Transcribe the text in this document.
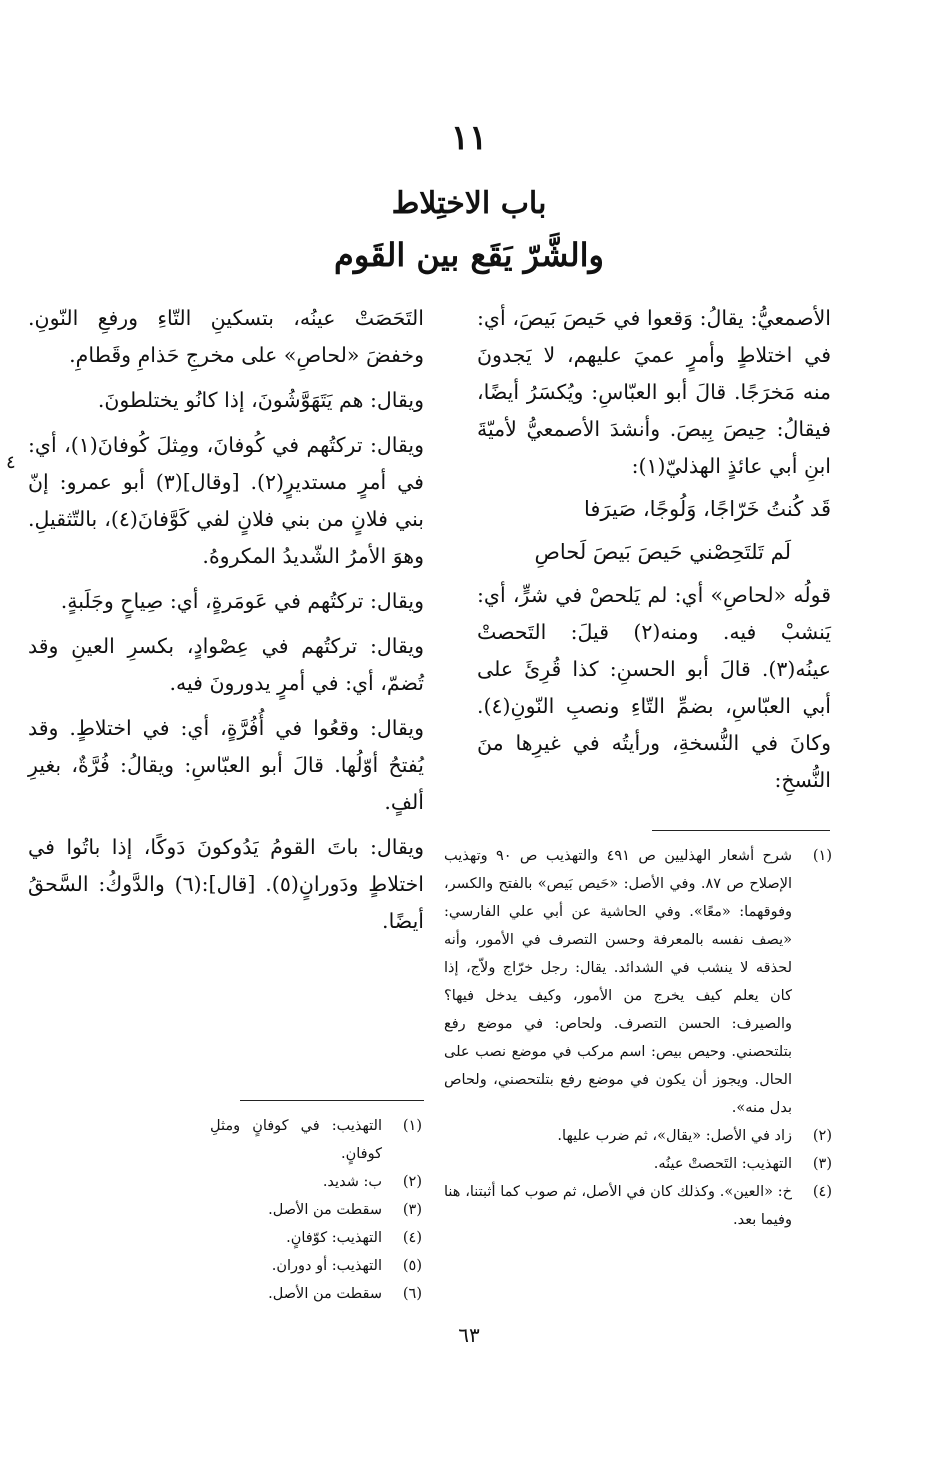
١١
باب الاختِلاط
والشَّرّ يَقَع بين القَوم

الأصمعيُّ: يقالُ: وَقعوا في حَيصَ بَيصَ، أي: في اختلاطٍ وأمرٍ عميَ عليهم، لا يَجدونَ منه مَخرَجًا. قالَ أبو العبّاسِ: ويُكسَرُ أيضًا، فيقالُ: حِيصَ بِيصَ. وأنشدَ الأصمعيُّ لأميّةَ ابنِ أبي عائذٍ الهذليّ(١):

قَد كُنتُ خَرّاجًا، وَلُوجًا، صَيرَفا

لَم تَلتَحِصْني حَيصَ بَيصَ لَحاصِ

قولُه «لحاصِ» أي: لم يَلحصْ في شرٍّ، أي: يَنشبْ فيه. ومنه(٢) قيلَ: التَحصتْ عينُه(٣). قالَ أبو الحسنِ: كذا قُرِئَ على أبي العبّاسِ، بضمِّ التّاءِ ونصبِ النّونِ(٤). وكانَ في النُّسخةِ، ورأيتُه في غيرِها منَ النُّسخِ:

التَحَصَتْ عينُه، بتسكينِ التّاءِ ورفعِ النّونِ. وخفضَ «لحاصِ» على مخرجِ حَذامِ وقَطامِ.

ويقال: هم يَتَهَوَّشُونَ، إذا كانُو يختلطونَ.

ويقال: تركتُهم في كُوفانَ، ومِثلَ كُوفانَ(١)، أي: في أمرٍ مستديرٍ(٢). [وقال](٣) أبو عمرو: إنّ بني فلانٍ من بني فلانٍ لفي كَوَّفانَ(٤)، بالتّثقيلِ. وهوَ الأمرُ الشّديدُ المكروهُ.

ويقال: تركتُهم في عَومَرةٍ، أي: صِياحٍ وجَلَبةٍ.

ويقال: تركتُهم في عِصْوادٍ، بكسرِ العينِ وقد تُضمّ، أي: في أمرٍ يدورونَ فيه.

ويقال: وقعُوا في أُفُرَّةٍ، أي: في اختلاطٍ. وقد يُفتحُ أوّلُها. قالَ أبو العبّاسِ: ويقالُ: فُرَّةٌ، بغيرِ ألفٍ.

ويقال: باتَ القومُ يَدُوكونَ دَوكًا، إذا باتُوا في اختلاطٍ ودَورانٍ(٥). [قال]:(٦) والدَّوكُ: السَّحقُ أيضًا.

٤
(١)
شرح أشعار الهذليين ص ٤٩١ والتهذيب ص ٩٠ وتهذيب الإصلاح ص ٨٧. وفي الأصل: «حَيص بَيص» بالفتح والكسر، وفوقهما: «معًا». وفي الحاشية عن أبي علي الفارسي: «يصف نفسه بالمعرفة وحسن التصرف في الأمور، وأنه لحذقه لا ينشب في الشدائد. يقال: رجل خرّاج ولاّج، إذا كان يعلم كيف يخرج من الأمور، وكيف يدخل فيها؟ والصيرف: الحسن التصرف. ولحاص: في موضع رفع بتلتحصني. وحيص بيص: اسم مركب في موضع نصب على الحال. ويجوز أن يكون في موضع رفع بتلتحصني، ولحاص بدل منه».
(٢)
زاد في الأصل: «يقال»، ثم ضرب عليها.
(٣)
التهذيب: التَحصتْ عينُه.
(٤)
خ: «العين». وكذلك كان في الأصل، ثم صوب كما أثبتنا، هنا وفيما بعد.
(١)
التهذيب: في كوفانٍ ومثلِ كوفانٍ.
(٢)
ب: شديد.
(٣)
سقطت من الأصل.
(٤)
التهذيب: كوّفانٍ.
(٥)
التهذيب: أو دوران.
(٦)
سقطت من الأصل.
٦٣
